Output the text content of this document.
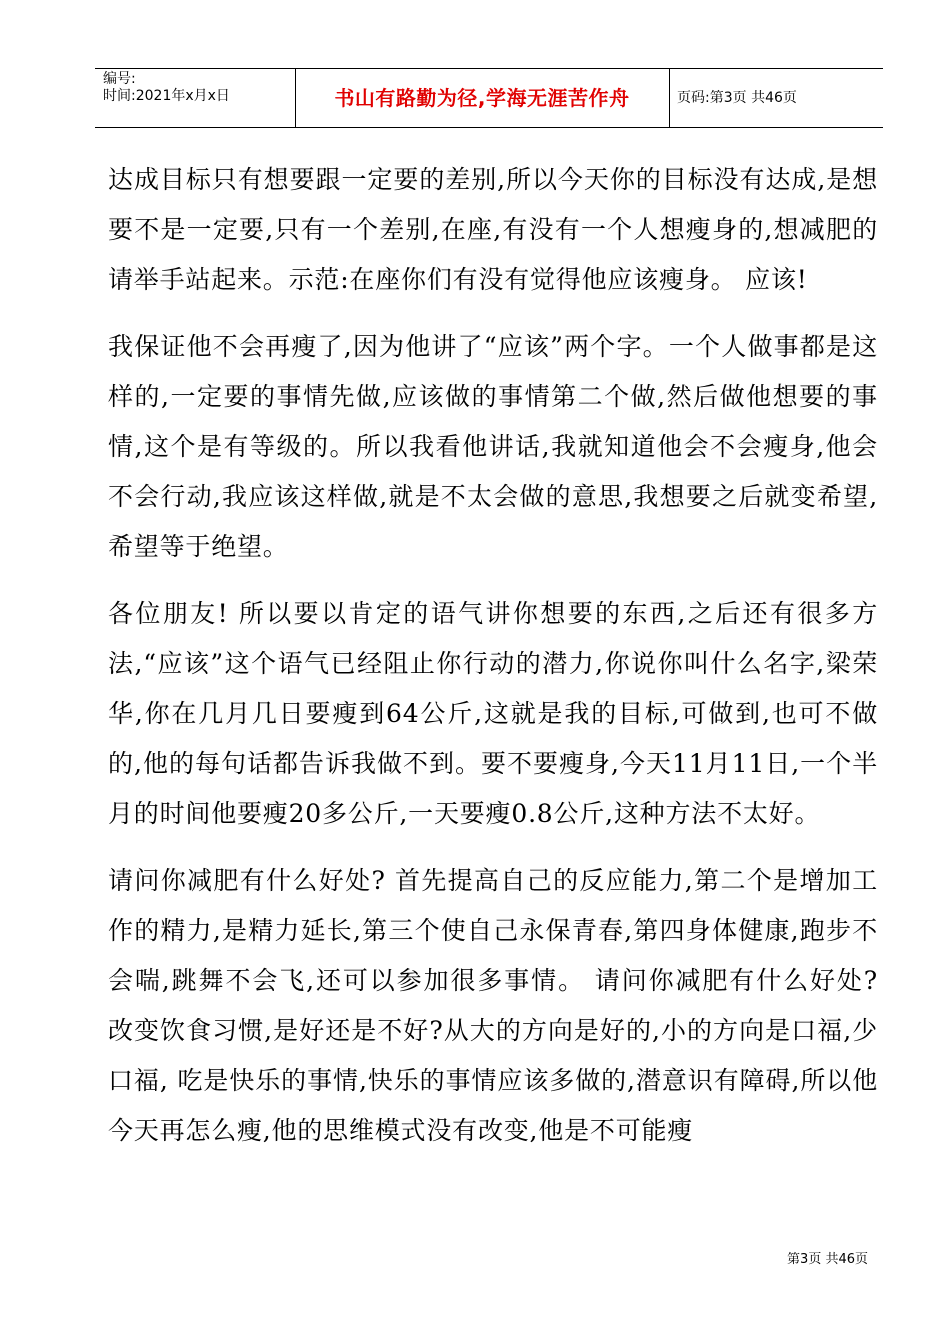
编号:
时间:2021年x月x日	书山有路勤为径,学海无涯苦作舟	页码:第3页 共46页

达成目标只有想要跟一定要的差别,所以今天你的目标没有达成,是想要不是一定要,只有一个差别,在座,有没有一个人想瘦身的,想减肥的请举手站起来。示范:在座你们有没有觉得他应该瘦身。 应该!

我保证他不会再瘦了,因为他讲了“应该”两个字。一个人做事都是这样的,一定要的事情先做,应该做的事情第二个做,然后做他想要的事情,这个是有等级的。所以我看他讲话,我就知道他会不会瘦身,他会不会行动,我应该这样做,就是不太会做的意思,我想要之后就变希望,希望等于绝望。

各位朋友! 所以要以肯定的语气讲你想要的东西,之后还有很多方法,“应该”这个语气已经阻止你行动的潜力,你说你叫什么名字,梁荣华,你在几月几日要瘦到64公斤,这就是我的目标,可做到,也可不做的,他的每句话都告诉我做不到。要不要瘦身,今天11月11日,一个半月的时间他要瘦20多公斤,一天要瘦0.8公斤,这种方法不太好。

请问你减肥有什么好处? 首先提高自己的反应能力,第二个是增加工作的精力,是精力延长,第三个使自己永保青春,第四身体健康,跑步不会喘,跳舞不会飞,还可以参加很多事情。 请问你减肥有什么好处? 改变饮食习惯,是好还是不好?从大的方向是好的,小的方向是口福,少口福, 吃是快乐的事情,快乐的事情应该多做的,潜意识有障碍,所以他今天再怎么瘦,他的思维模式没有改变,他是不可能瘦

第3页 共46页
